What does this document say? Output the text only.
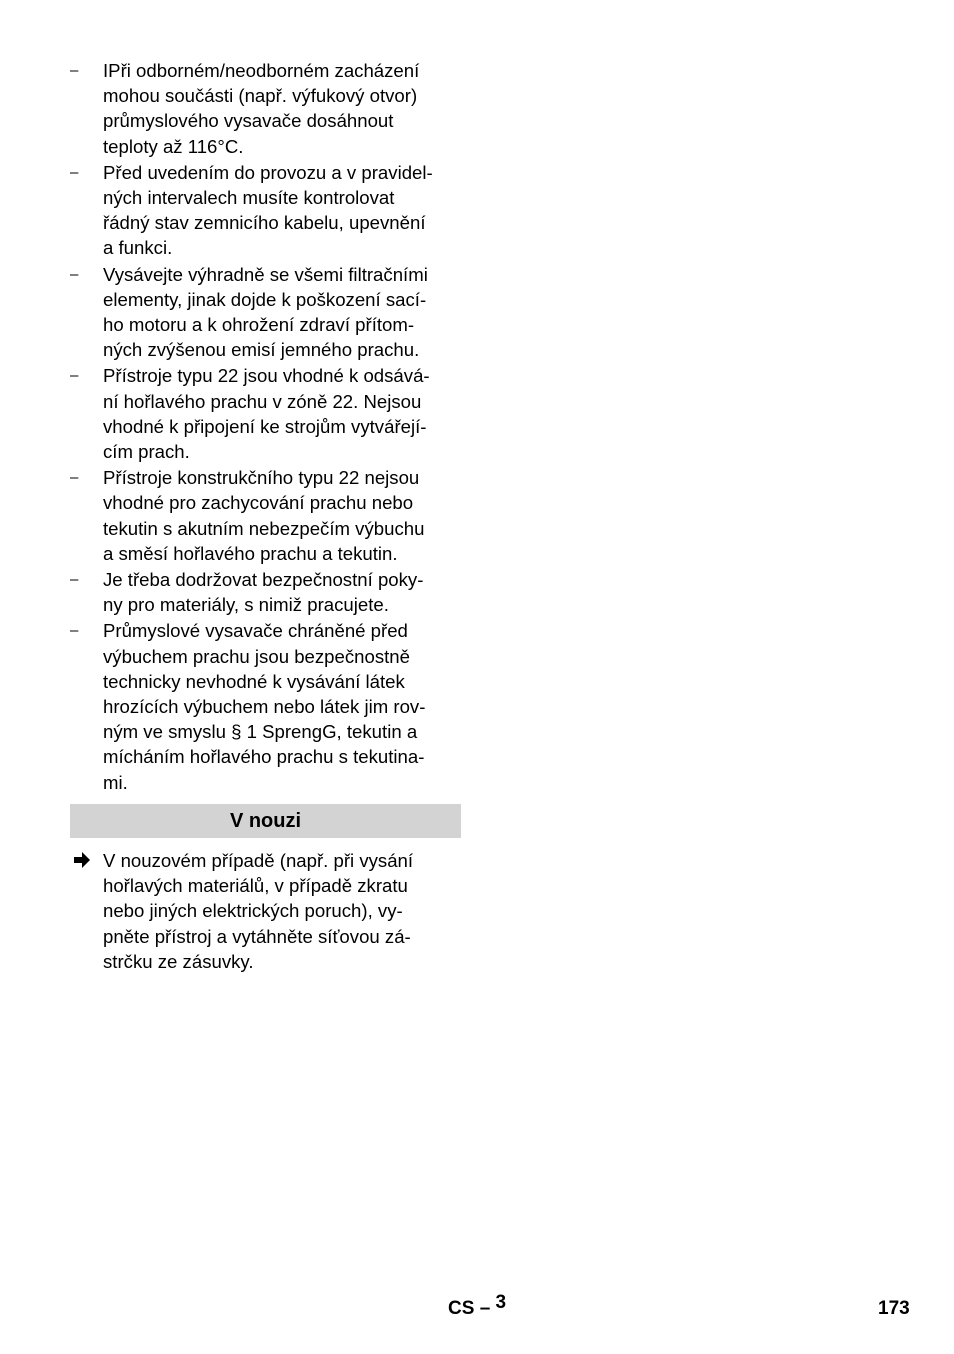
– IPři odborném/neodborném zacházení
mohou součásti (např. výfukový otvor)
průmyslového vysavače dosáhnout
teploty až 116°C.
– Před uvedením do provozu a v pravidel-
ných intervalech musíte kontrolovat
řádný stav zemnicího kabelu, upevnění
a funkci.
– Vysávejte výhradně se všemi filtračními
elementy, jinak dojde k poškození sací-
ho motoru a k ohrožení zdraví přítom-
ných zvýšenou emisí jemného prachu.
– Přístroje typu 22 jsou vhodné k odsává-
ní hořlavého prachu v zóně 22. Nejsou
vhodné k připojení ke strojům vytvářejí-
cím prach.
– Přístroje konstrukčního typu 22 nejsou
vhodné pro zachycování prachu nebo
tekutin s akutním nebezpečím výbuchu
a směsí hořlavého prachu a tekutin.
– Je třeba dodržovat bezpečnostní poky-
ny pro materiály, s nimiž pracujete.
– Průmyslové vysavače chráněné před
výbuchem prachu jsou bezpečnostně
technicky nevhodné k vysávání látek
hrozících výbuchem nebo látek jim rov-
ným ve smyslu § 1 SprengG, tekutin a
mícháním hořlavého prachu s tekutina-
mi.
V nouzi
V nouzovém případě (např. při vysání
hořlavých materiálů, v případě zkratu
nebo jiných elektrických poruch), vy-
pněte přístroj a vytáhněte síťovou zá-
strčku ze zásuvky.
CS – 3	173
